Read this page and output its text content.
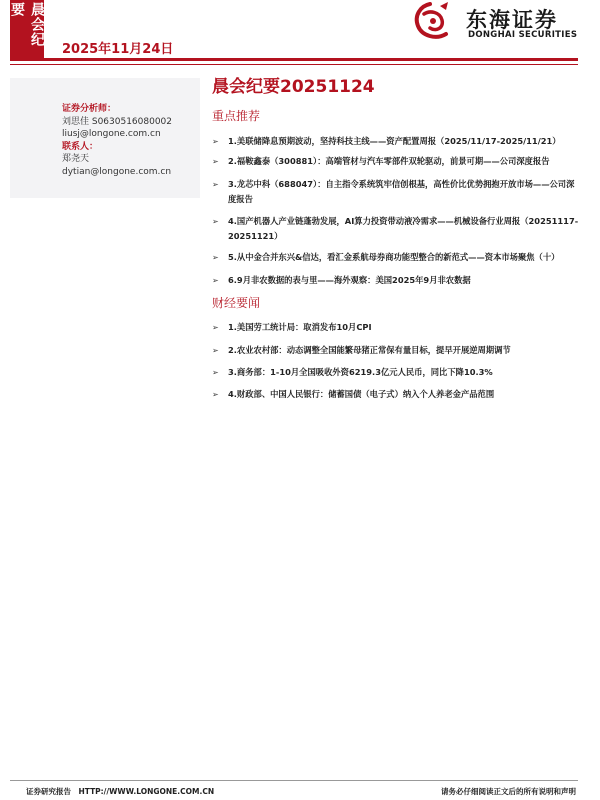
晨会纪要
2025年11月24日
东海证券
DONGHAI SECURITIES
证券分析师：
刘思佳 S0630516080002
liusj@longone.com.cn
联系人：
郑尧天
dytian@longone.com.cn
晨会纪要20251124
重点推荐
➢	1.美联储降息预期波动，坚持科技主线——资产配置周报（2025/11/17-2025/11/21）
➢	2.福鞍鑫泰（300881）：高端管材与汽车零部件双轮驱动，前景可期——公司深度报告
➢	3.龙芯中科（688047）：自主指令系统筑牢信创根基，高性价比优势拥抱开放市场——公司深度报告
➢	4.国产机器人产业链蓬勃发展，AI算力投资带动液冷需求——机械设备行业周报（20251117-20251121）
➢	5.从中金合并东兴&信达，看汇金系航母券商功能型整合的新范式——资本市场聚焦（十）
➢	6.9月非农数据的表与里——海外观察：美国2025年9月非农数据
财经要闻
➢	1.美国劳工统计局：取消发布10月CPI
➢	2.农业农村部：动态调整全国能繁母猪正常保有量目标，提早开展逆周期调节
➢	3.商务部：1-10月全国吸收外资6219.3亿元人民币，同比下降10.3%
➢	4.财政部、中国人民银行：储蓄国债（电子式）纳入个人养老金产品范围
证券研究报告　HTTP://WWW.LONGONE.COM.CN	请务必仔细阅读正文后的所有说明和声明
